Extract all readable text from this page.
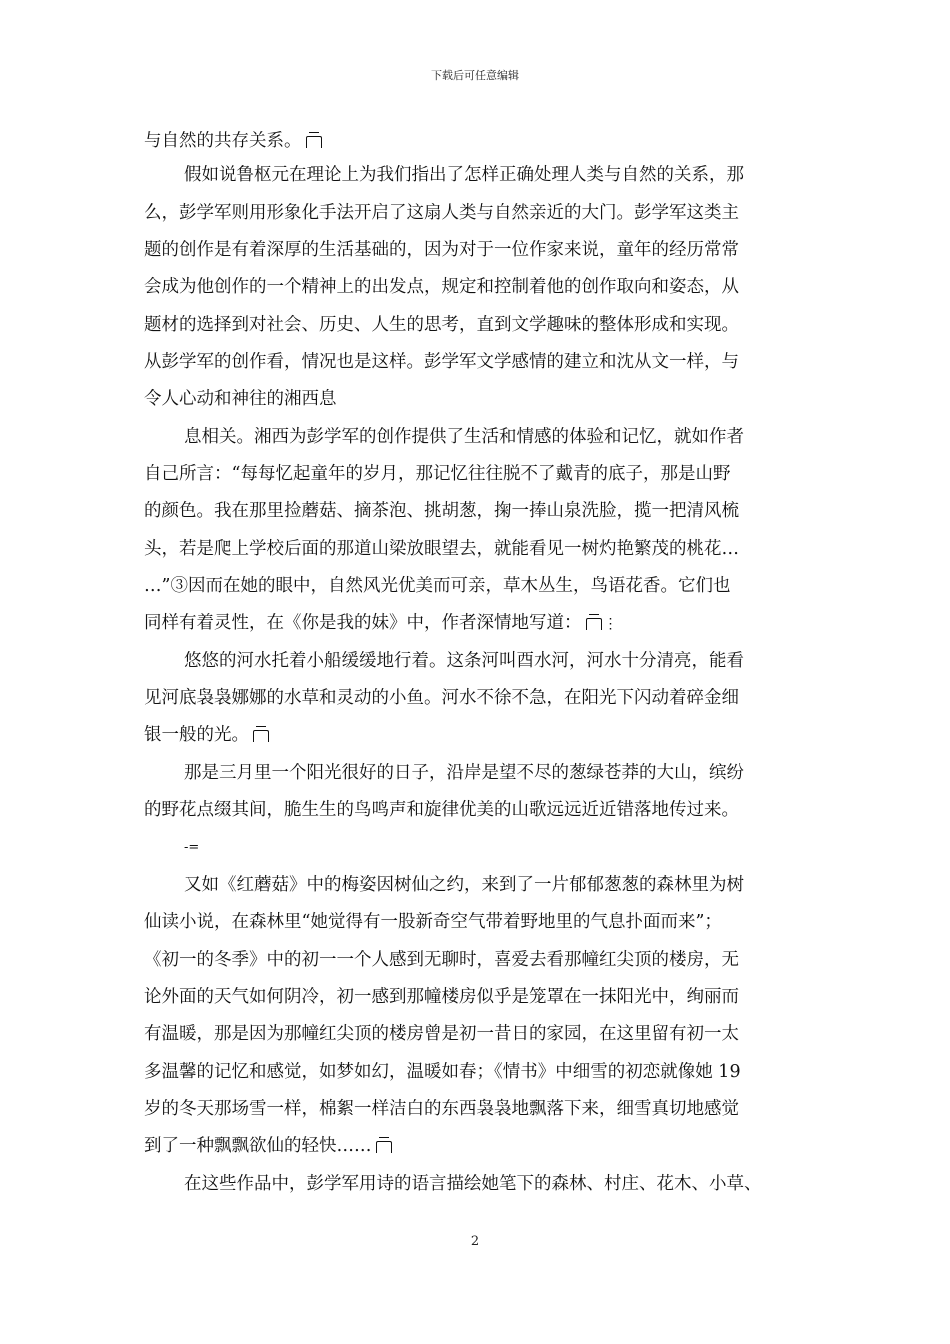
下载后可任意编辑
与自然的共存关系。
假如说鲁枢元在理论上为我们指出了怎样正确处理人类与自然的关系，那
么，彭学军则用形象化手法开启了这扇人类与自然亲近的大门。彭学军这类主
题的创作是有着深厚的生活基础的，因为对于一位作家来说，童年的经历常常
会成为他创作的一个精神上的出发点，规定和控制着他的创作取向和姿态，从
题材的选择到对社会、历史、人生的思考，直到文学趣味的整体形成和实现。
从彭学军的创作看，情况也是这样。彭学军文学感情的建立和沈从文一样，与
令人心动和神往的湘西息
息相关。湘西为彭学军的创作提供了生活和情感的体验和记忆，就如作者
自己所言：“每每忆起童年的岁月，那记忆往往脱不了戴青的底子，那是山野
的颜色。我在那里捡蘑菇、摘茶泡、挑胡葱，掬一捧山泉洗脸，揽一把清风梳
头，若是爬上学校后面的那道山梁放眼望去，就能看见一树灼艳繁茂的桃花…
…”③因而在她的眼中，自然风光优美而可亲，草木丛生，鸟语花香。它们也
同样有着灵性，在《你是我的妹》中，作者深情地写道： ⋮
悠悠的河水托着小船缓缓地行着。这条河叫酉水河，河水十分清亮，能看
见河底袅袅娜娜的水草和灵动的小鱼。河水不徐不急，在阳光下闪动着碎金细
银一般的光。
那是三月里一个阳光很好的日子，沿岸是望不尽的葱绿苍莽的大山，缤纷
的野花点缀其间，脆生生的鸟鸣声和旋律优美的山歌远远近近错落地传过来。
-=
又如《红蘑菇》中的梅姿因树仙之约，来到了一片郁郁葱葱的森林里为树
仙读小说，在森林里“她觉得有一股新奇空气带着野地里的气息扑面而来”；
《初一的冬季》中的初一一个人感到无聊时，喜爱去看那幢红尖顶的楼房，无
论外面的天气如何阴冷，初一感到那幢楼房似乎是笼罩在一抹阳光中，绚丽而
有温暖，那是因为那幢红尖顶的楼房曾是初一昔日的家园，在这里留有初一太
多温馨的记忆和感觉，如梦如幻，温暖如春；《情书》中细雪的初恋就像她 19
岁的冬天那场雪一样，棉絮一样洁白的东西袅袅地飘落下来，细雪真切地感觉
到了一种飘飘欲仙的轻快……
在这些作品中，彭学军用诗的语言描绘她笔下的森林、村庄、花木、小草、
2
